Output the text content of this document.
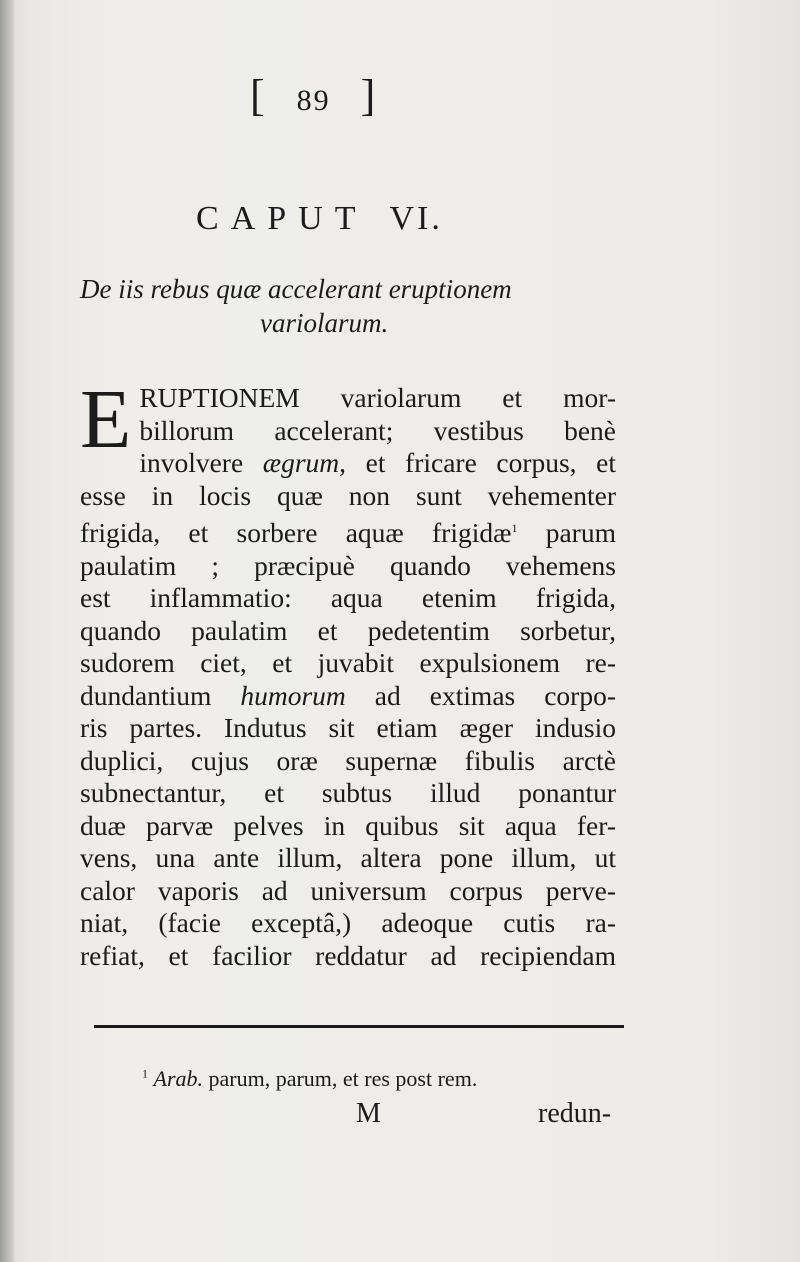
[ 89 ]
CAPUT VI.
De iis rebus quæ accelerant eruptionem
variolarum.
E RUPTIONEM variolarum et mor-
billorum accelerant; vestibus benè
involvere ægrum, et fricare corpus, et
esse in locis quæ non sunt vehementer
frigida, et sorbere aquæ frigidæ$^1$ parum
paulatim ; præcipuè quando vehemens
est inflammatio: aqua etenim frigida,
quando paulatim et pedetentim sorbetur,
sudorem ciet, et juvabit expulsionem re-
dundantium humorum ad extimas corpo-
ris partes. Indutus sit etiam æger indusio
duplici, cujus oræ supernæ fibulis arctè
subnectantur, et subtus illud ponantur
duæ parvæ pelves in quibus sit aqua fer-
vens, una ante illum, altera pone illum, ut
calor vaporis ad universum corpus perve-
niat, (facie exceptâ,) adeoque cutis ra-
refiat, et facilior reddatur ad recipiendam
$^1$ Arab. parum, parum, et res post rem.
M	redun-
